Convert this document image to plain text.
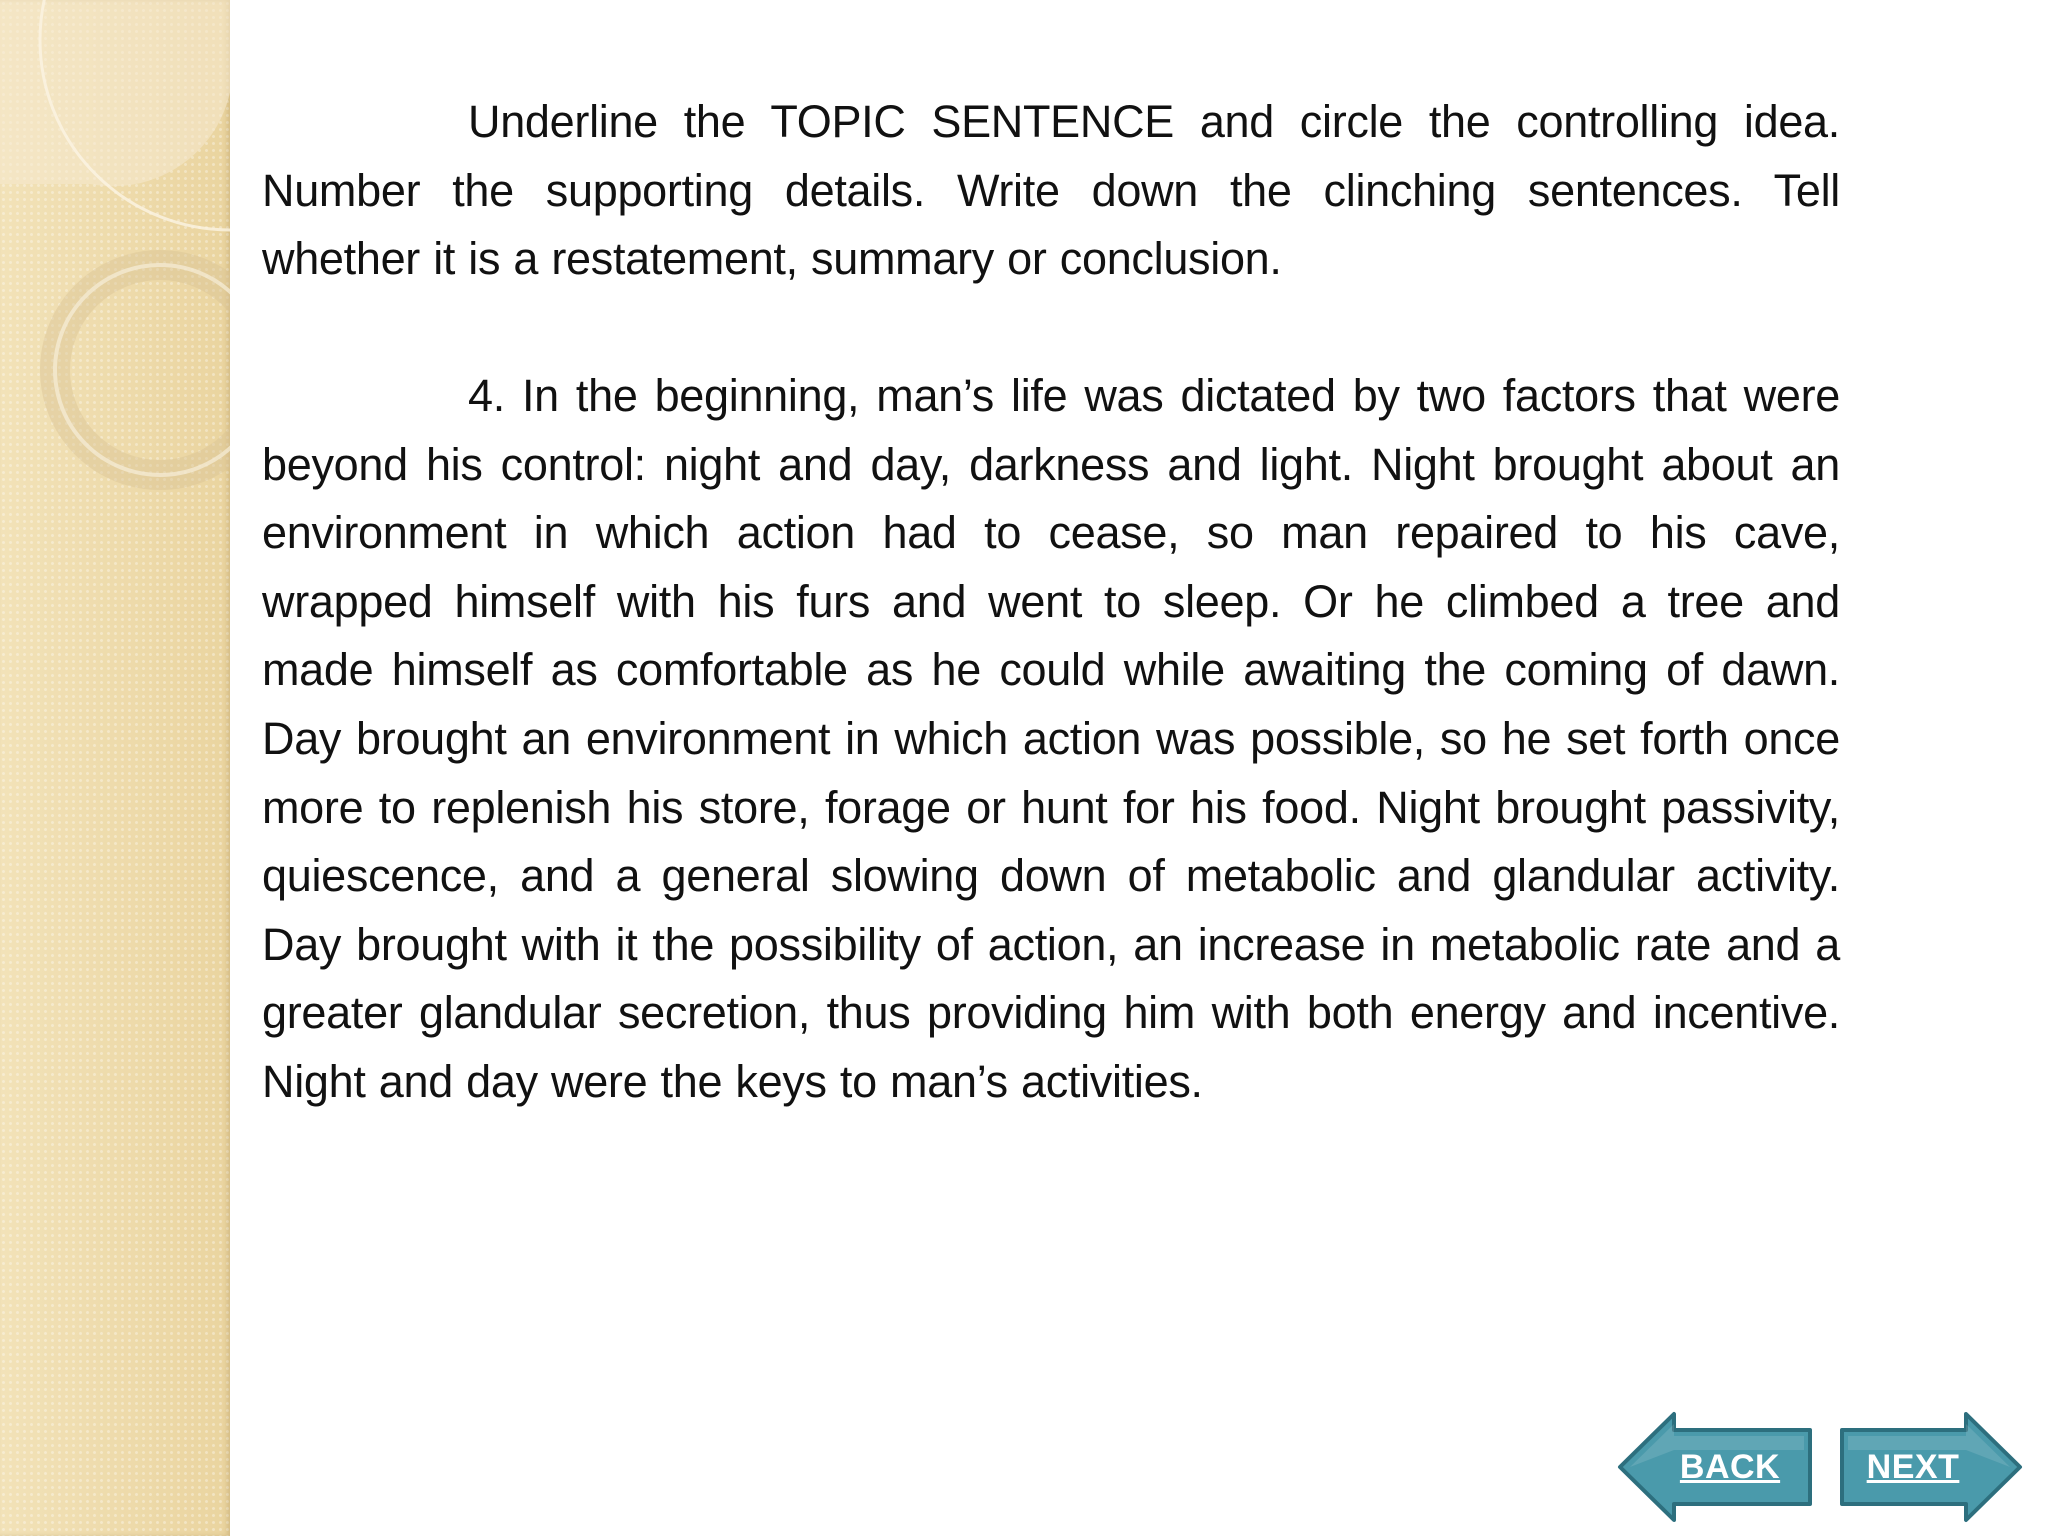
Underline the TOPIC SENTENCE and circle the controlling idea. Number the supporting details. Write down the clinching sentences. Tell whether it is a restatement, summary or conclusion.

4. In the beginning, man’s life was dictated by two factors that were beyond his control: night and day, darkness and light. Night brought about an environment in which action had to cease, so man repaired to his cave, wrapped himself with his furs and went to sleep. Or he climbed a tree and made himself as comfortable as he could while awaiting the coming of dawn. Day brought an environment in which action was possible, so he set forth once more to replenish his store, forage or hunt for his food. Night brought passivity, quiescence, and a general slowing down of metabolic and glandular activity. Day brought with it the possibility of action, an increase in metabolic rate and a greater glandular secretion, thus providing him with both energy and incentive. Night and day were the keys to man’s activities.

BACK	NEXT
